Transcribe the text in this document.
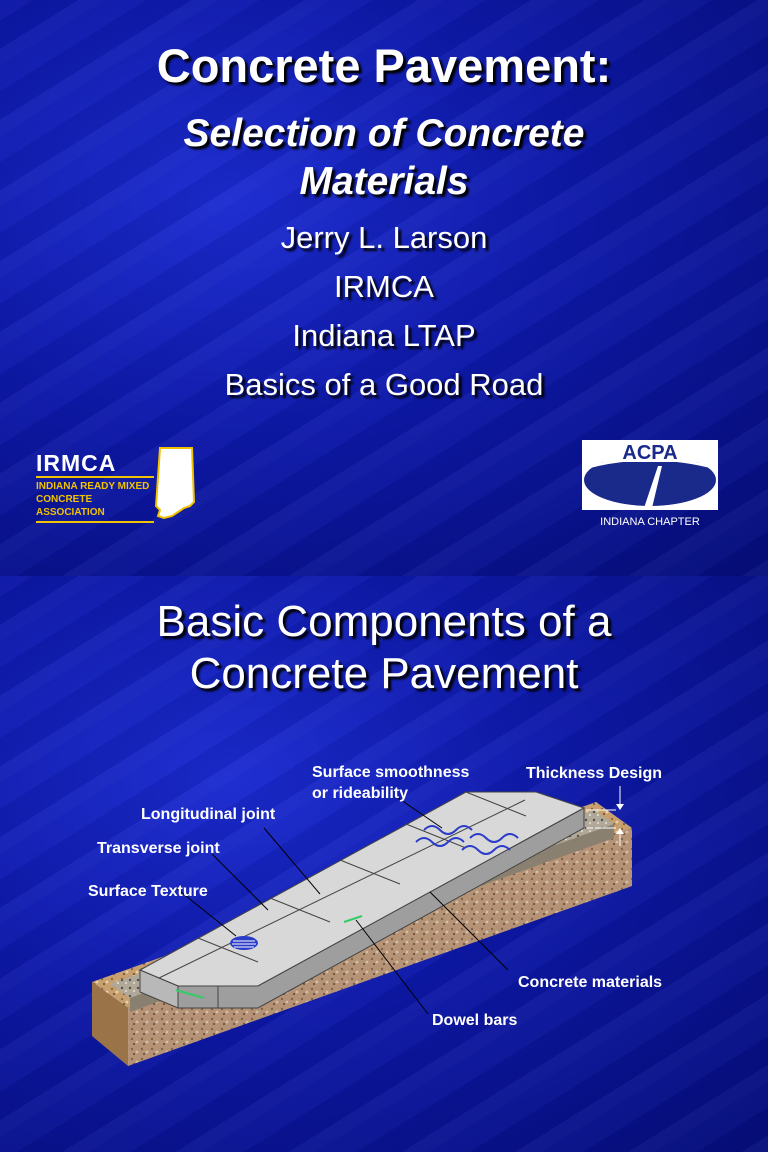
Concrete Pavement:
Selection of Concrete
Materials
Jerry L. Larson
IRMCA
Indiana LTAP
Basics of a Good Road
IRMCA
INDIANA READY MIXED
CONCRETE ASSOCIATION
ACPA
INDIANA CHAPTER
Basic Components of a
Concrete Pavement
Surface smoothness
or rideability
Thickness Design
Longitudinal joint
Transverse joint
Surface Texture
Concrete materials
Dowel bars
